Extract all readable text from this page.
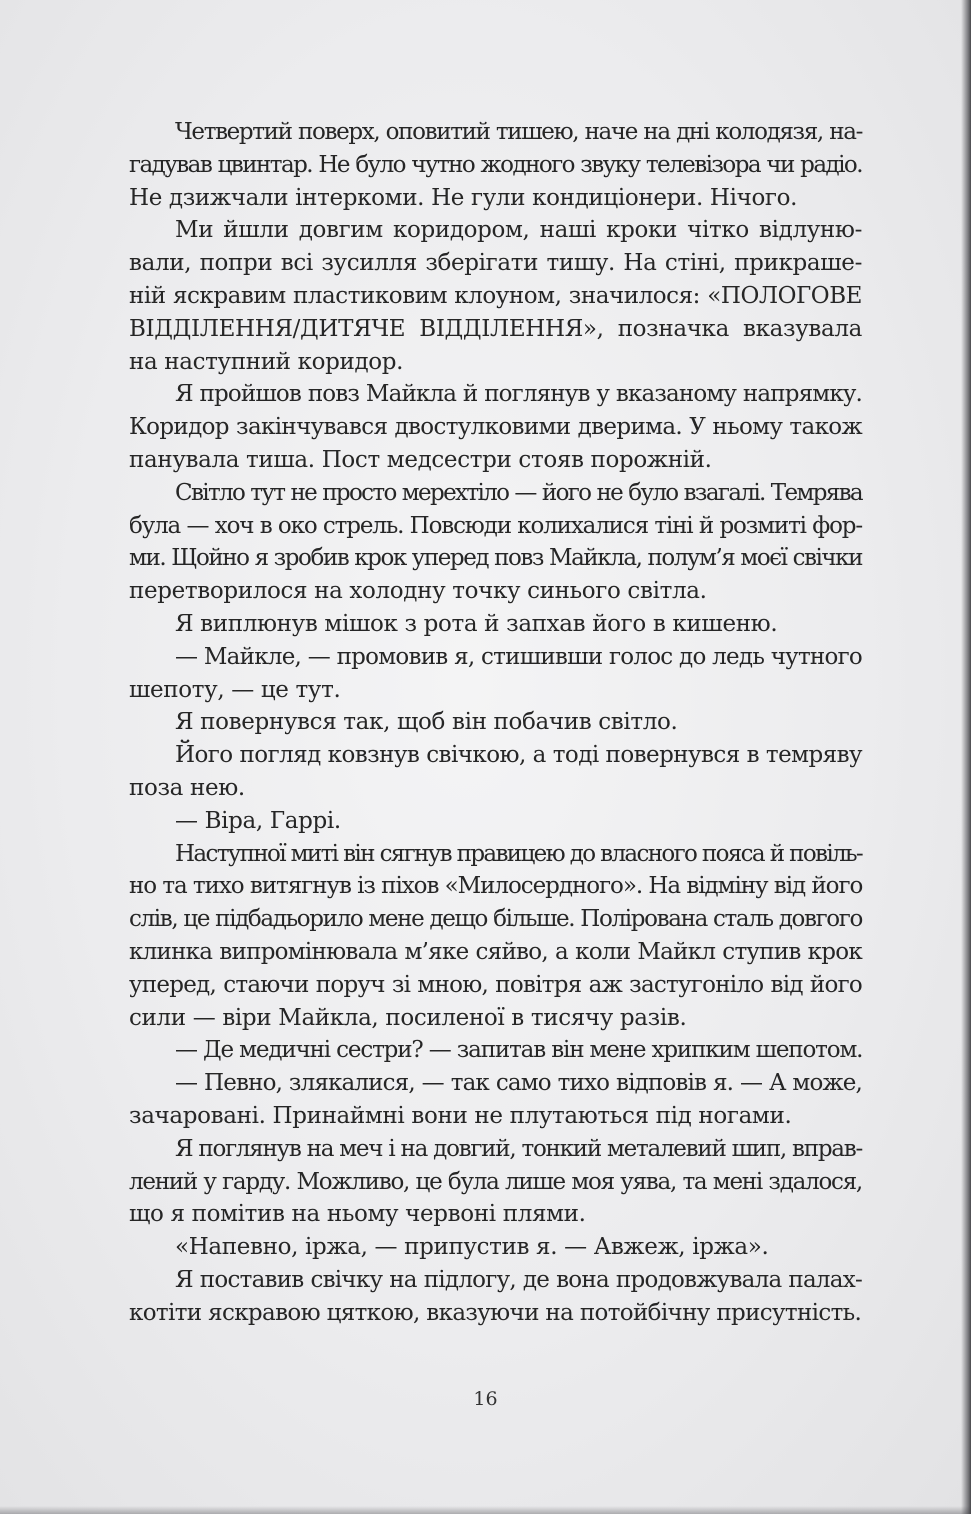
Четвертий поверх, оповитий тишею, наче на дні колодязя, на-
гадував цвинтар. Не було чутно жодного звуку телевізора чи радіо.
Не дзижчали інтеркоми. Не гули кондиціонери. Нічого.
Ми йшли довгим коридором, наші кроки чітко відлуню-
вали, попри всі зусилля зберігати тишу. На стіні, прикраше-
ній яскравим пластиковим клоуном, значилося: «ПОЛОГОВЕ
ВІДДІЛЕННЯ/ДИТЯЧЕ ВІДДІЛЕННЯ», позначка вказувала
на наступний коридор.
Я пройшов повз Майкла й поглянув у вказаному напрямку.
Коридор закінчувався двостулковими дверима. У ньому також
панувала тиша. Пост медсестри стояв порожній.
Світло тут не просто мерехтіло — його не було взагалі. Темрява
була — хоч в око стрель. Повсюди колихалися тіні й розмиті фор-
ми. Щойно я зробив крок уперед повз Майкла, полум’я моєї свічки
перетворилося на холодну точку синього світла.
Я виплюнув мішок з рота й запхав його в кишеню.
— Майкле, — промовив я, стишивши голос до ледь чутного
шепоту, — це тут.
Я повернувся так, щоб він побачив світло.
Його погляд ковзнув свічкою, а тоді повернувся в темряву
поза нею.
— Віра, Гаррі.
Наступної миті він сягнув правицею до власного пояса й повіль-
но та тихо витягнув із піхов «Милосердного». На відміну від його
слів, це підбадьорило мене дещо більше. Полірована сталь довгого
клинка випромінювала м’яке сяйво, а коли Майкл ступив крок
уперед, стаючи поруч зі мною, повітря аж застугоніло від його
сили — віри Майкла, посиленої в тисячу разів.
— Де медичні сестри? — запитав він мене хрипким шепотом.
— Певно, злякалися, — так само тихо відповів я. — А може,
зачаровані. Принаймні вони не плутаються під ногами.
Я поглянув на меч і на довгий, тонкий металевий шип, вправ-
лений у гарду. Можливо, це була лише моя уява, та мені здалося,
що я помітив на ньому червоні плями.
«Напевно, іржа, — припустив я. — Авжеж, іржа».
Я поставив свічку на підлогу, де вона продовжувала палах-
котіти яскравою цяткою, вказуючи на потойбічну присутність.
16
